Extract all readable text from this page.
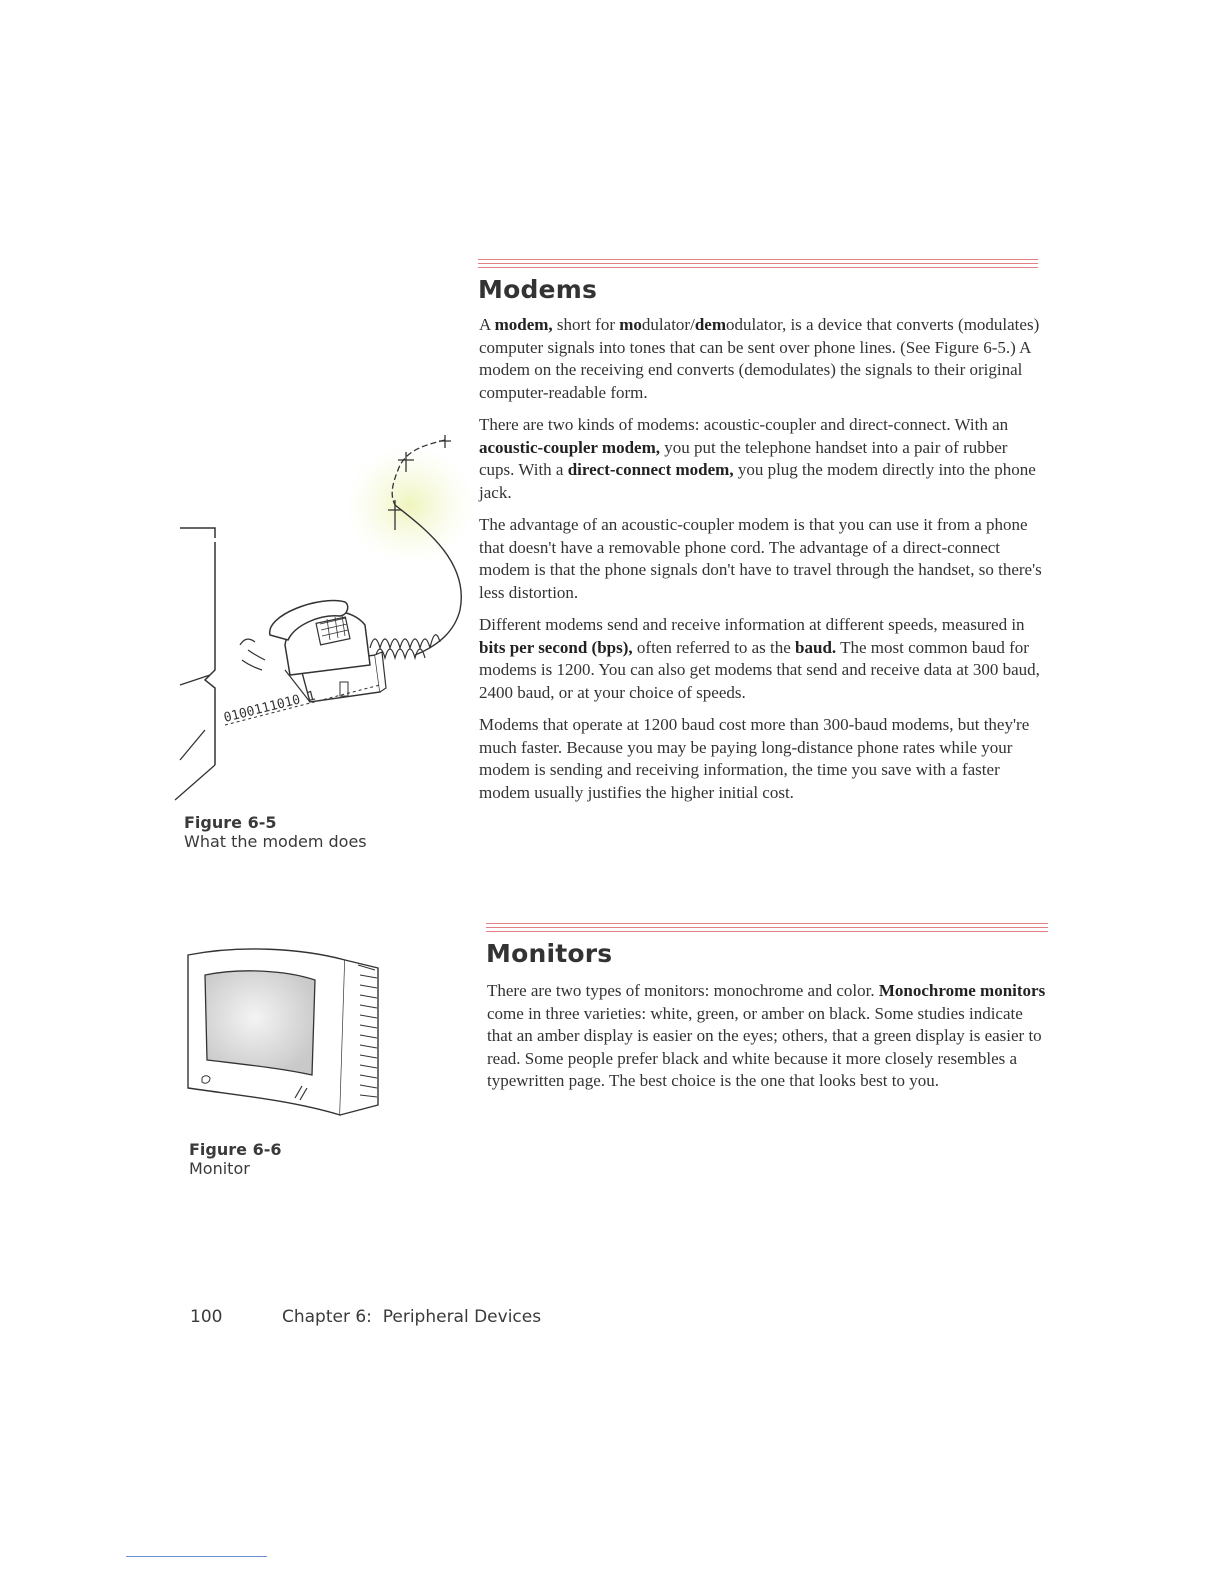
Modems

A modem, short for modulator/demodulator, is a device that converts (modulates) computer signals into tones that can be sent over phone lines. (See Figure 6-5.) A modem on the receiving end converts (demodulates) the signals to their original computer-readable form.

There are two kinds of modems: acoustic-coupler and direct-connect. With an acoustic-coupler modem, you put the telephone handset into a pair of rubber cups. With a direct-connect modem, you plug the modem directly into the phone jack.

The advantage of an acoustic-coupler modem is that you can use it from a phone that doesn't have a removable phone cord. The advantage of a direct-connect modem is that the phone signals don't have to travel through the handset, so there's less distortion.

Different modems send and receive information at different speeds, measured in bits per second (bps), often referred to as the baud. The most common baud for modems is 1200. You can also get modems that send and receive data at 300 baud, 2400 baud, or at your choice of speeds.

Modems that operate at 1200 baud cost more than 300-baud modems, but they're much faster. Because you may be paying long-distance phone rates while your modem is sending and receiving information, the time you save with a faster modem usually justifies the higher initial cost.

0100111010 1
Figure 6-5
What the modem does
Monitors

There are two types of monitors: monochrome and color. Monochrome monitors come in three varieties: white, green, or amber on black. Some studies indicate that an amber display is easier on the eyes; others, that a green display is easier to read. Some people prefer black and white because it more closely resembles a typewritten page. The best choice is the one that looks best to you.

Figure 6-6
Monitor
100	Chapter 6:  Peripheral Devices
